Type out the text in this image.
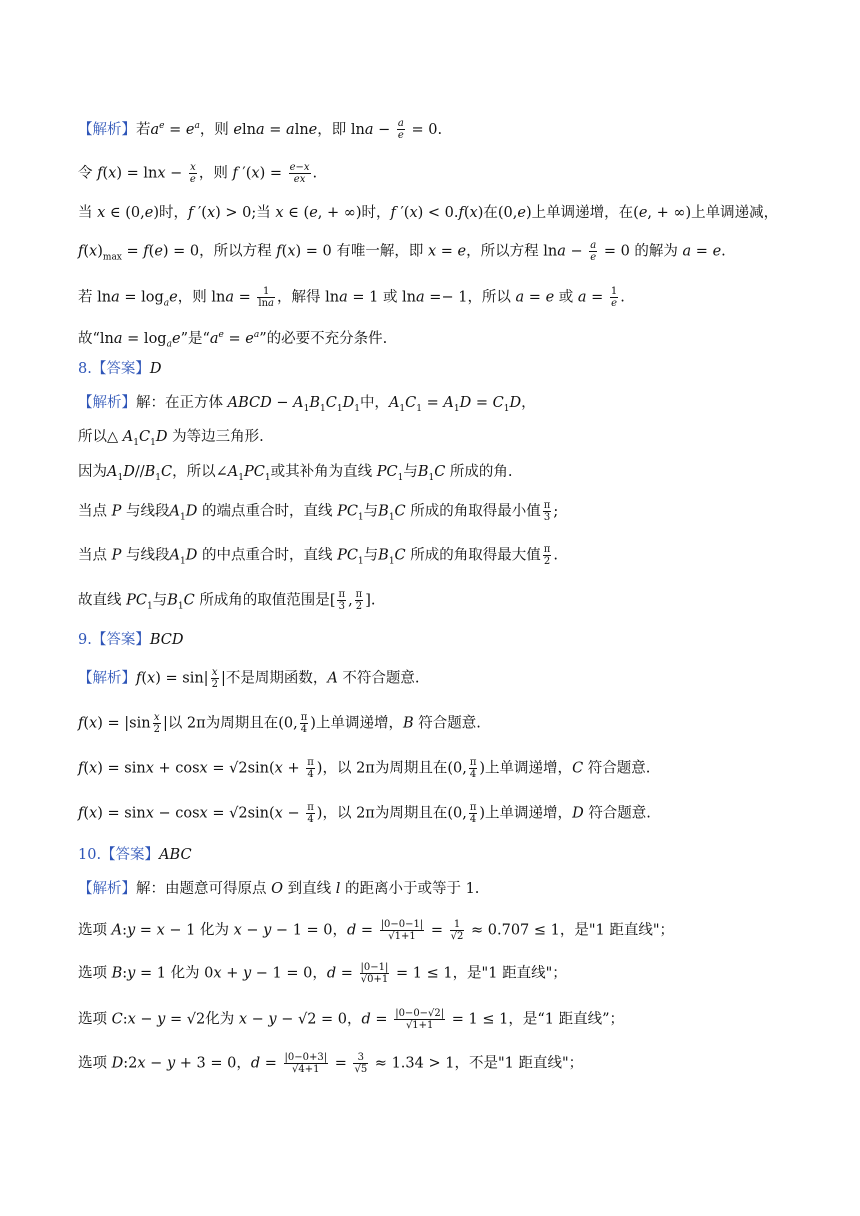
【解析】若$a^e = e^a$，则 elna = alne，即 $\ln a - \frac{a}{e} = 0$.
令 $f(x) = \ln x - \frac{x}{e}$ ，则 f $'(x) = \frac{e-x}{ex}$ .
当 x ∈ (0,e)时，f ′(x) > 0;当 x ∈ (e, + ∞)时，f ′(x) < 0.f(x)在(0,e)上单调递增，在(e, + ∞)上单调递减，
$f(x)_{max} = f(e) = 0$，所以方程 f(x) = 0 有唯一解，即 x = e，所以方程 $\ln a - \frac{a}{e} = 0$ 的解为 a = e.
若 $\ln a = \log_ae$，则 $\ln a = \frac{1}{\ln a}$ ，解得 lna = 1 或 lna =− 1，所以 a = e 或 $a = \frac{1}{e}$ .
故“$\ln a = \log_ae$”是“$a^e = e^a$”的必要不充分条件.
8.【答案】D
【解析】解：在正方体 ABCD − $A_1B_1C_1D_1$中，$A_1C_1 = A_1D = C_1D$，
所以△ $A_1C_1D$ 为等边三角形.
因为$A_1D//B_1C$，所以$\angle A_1PC_1$或其补角为直线 $PC_1$与$B_1C$ 所成的角.
当点 P 与线段$A_1D$ 的端点重合时，直线 $PC_1$与$B_1C$ 所成的角取得最小值 $\frac{\pi}{3}$ ;
当点 P 与线段$A_1D$ 的中点重合时，直线 $PC_1$与$B_1C$ 所成的角取得最大值 $\frac{\pi}{2}$ .
故直线 $PC_1$与$B_1C$ 所成角的取值范围是[ $\frac{\pi}{3}$ , $\frac{\pi}{2}$ ].
9.【答案】BCD
【解析】$f(x) = \sin| \frac{x}{2}$ |不是周期函数，A 不符合题意.
$f(x) = |\sin \frac{x}{2}$ |以 2π为周期且在(0, $\frac{\pi}{4}$ )上单调递增，B 符合题意.
$f(x) = \sin x + \cos x = √2\sin(x + \frac{\pi}{4}$ )，以 2π为周期且在(0, $\frac{\pi}{4}$ )上单调递增，C 符合题意.
$f(x) = \sin x - \cos x = √2\sin(x - \frac{\pi}{4}$ )，以 2π为周期且在(0, $\frac{\pi}{4}$ )上单调递增，D 符合题意.
10.【答案】ABC
【解析】解：由题意可得原点 O 到直线 l 的距离小于或等于 1.
选项 A:y = x − 1 化为 x − y − 1 = 0，$d = \frac{|0-0-1|}{√1+1} = \frac{1}{√2} \approx 0.707 \le 1$，是"1 距直线"；
选项 B:y = 1 化为 0x + y − 1 = 0，$d = \frac{|0-1|}{√0+1} = 1 \le 1$，是"1 距直线"；
选项 C:x − y = √2化为 x − y − √2 = 0，$d = \frac{|0-0-√2|}{√1+1} = 1 \le 1$，是“1 距直线”；
选项 D:2x − y + 3 = 0，$d = \frac{|0-0+3|}{√4+1} = \frac{3}{√5} \approx 1.34 > 1$，不是"1 距直线"；
